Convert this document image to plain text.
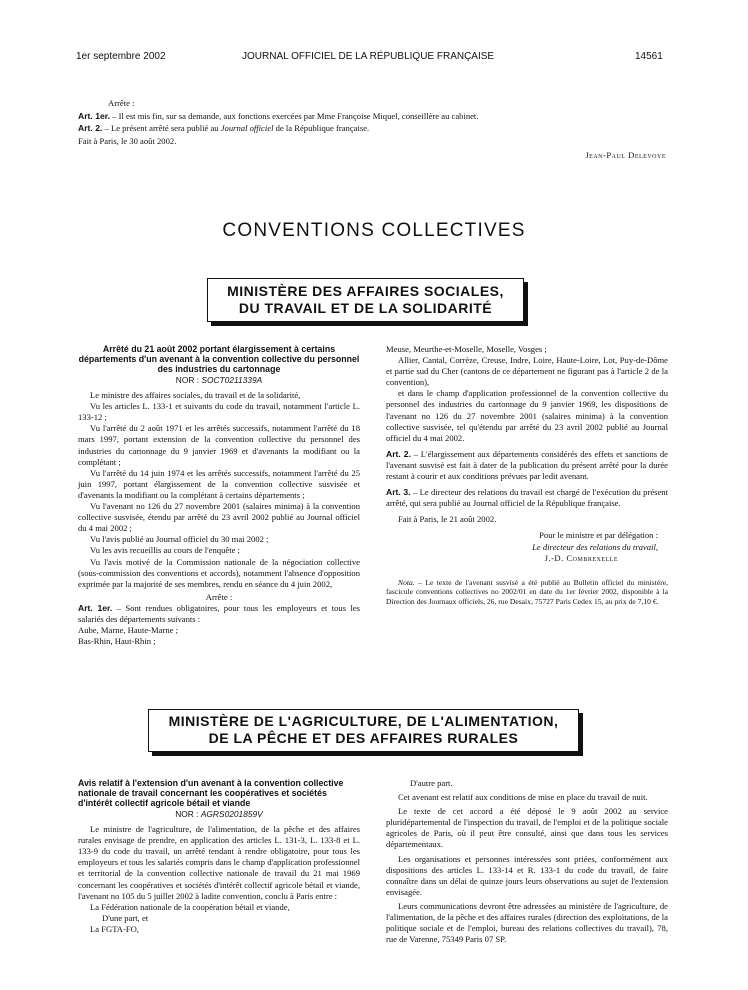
1er septembre 2002	JOURNAL OFFICIEL DE LA RÉPUBLIQUE FRANÇAISE	14561
Arrête :
Art. 1er. – Il est mis fin, sur sa demande, aux fonctions exercées par Mme Françoise Miquel, conseillère au cabinet.
Art. 2. – Le présent arrêté sera publié au Journal officiel de la République française.
Fait à Paris, le 30 août 2002.
Jean-Paul Delevoye
CONVENTIONS COLLECTIVES
MINISTÈRE DES AFFAIRES SOCIALES,
DU TRAVAIL ET DE LA SOLIDARITÉ

Arrêté du 21 août 2002 portant élargissement à certains départements d'un avenant à la convention collective du personnel des industries du cartonnage

NOR : SOCT0211339A

Le ministre des affaires sociales, du travail et de la solidarité,

Vu les articles L. 133-1 et suivants du code du travail, notamment l'article L. 133-12 ;

Vu l'arrêté du 2 août 1971 et les arrêtés successifs, notamment l'arrêté du 18 mars 1997, portant extension de la convention collective du personnel des industries du cartonnage du 9 janvier 1969 et d'avenants la modifiant ou la complétant ;

Vu l'arrêté du 14 juin 1974 et les arrêtés successifs, notamment l'arrêté du 25 juin 1997, portant élargissement de la convention collective susvisée et d'avenants la modifiant ou la complétant à certains départements ;

Vu l'avenant no 126 du 27 novembre 2001 (salaires minima) à la convention collective susvisée, étendu par arrêté du 23 avril 2002 publié au Journal officiel du 4 mai 2002 ;

Vu l'avis publié au Journal officiel du 30 mai 2002 ;

Vu les avis recueillis au cours de l'enquête ;

Vu l'avis motivé de la Commission nationale de la négociation collective (sous-commission des conventions et accords), notamment l'absence d'opposition exprimée par la majorité de ses membres, rendu en séance du 4 juin 2002,

Arrête :

Art. 1er. – Sont rendues obligatoires, pour tous les employeurs et tous les salariés des départements suivants :

Aube, Marne, Haute-Marne ;

Bas-Rhin, Haut-Rhin ;

Meuse, Meurthe-et-Moselle, Moselle, Vosges ;

Allier, Cantal, Corrèze, Creuse, Indre, Loire, Haute-Loire, Lot, Puy-de-Dôme et partie sud du Cher (cantons de ce département ne figurant pas à l'article 2 de la convention),

et dans le champ d'application professionnel de la convention collective du personnel des industries du cartonnage du 9 janvier 1969, les dispositions de l'avenant no 126 du 27 novembre 2001 (salaires minima) à la convention collective susvisée, tel qu'étendu par arrêté du 23 avril 2002 publié au Journal officiel du 4 mai 2002.

Art. 2. – L'élargissement aux départements considérés des effets et sanctions de l'avenant susvisé est fait à dater de la publication du présent arrêté pour la durée restant à courir et aux conditions prévues par ledit avenant.

Art. 3. – Le directeur des relations du travail est chargé de l'exécution du présent arrêté, qui sera publié au Journal officiel de la République française.

Fait à Paris, le 21 août 2002.

Pour le ministre et par délégation :

Le directeur des relations du travail,

J.-D. Combrexelle

Nota. – Le texte de l'avenant susvisé a été publié au Bulletin officiel du ministère, fascicule conventions collectives no 2002/01 en date du 1er février 2002, disponible à la Direction des Journaux officiels, 26, rue Desaix, 75727 Paris Cedex 15, au prix de 7,10 €.

MINISTÈRE DE L'AGRICULTURE, DE L'ALIMENTATION,
DE LA PÊCHE ET DES AFFAIRES RURALES

Avis relatif à l'extension d'un avenant à la convention collective nationale de travail concernant les coopératives et sociétés d'intérêt collectif agricole bétail et viande

NOR : AGRS0201859V

Le ministre de l'agriculture, de l'alimentation, de la pêche et des affaires rurales envisage de prendre, en application des articles L. 131-3, L. 133-8 et L. 133-9 du code du travail, un arrêté tendant à rendre obligatoire, pour tous les employeurs et tous les salariés compris dans le champ d'application professionnel et territorial de la convention collective nationale de travail du 21 mai 1969 concernant les coopératives et sociétés d'intérêt collectif agricole bétail et viande, l'avenant no 105 du 5 juillet 2002 à ladite convention, conclu à Paris entre :

La Fédération nationale de la coopération bétail et viande,

D'une part, et

La FGTA-FO,

D'autre part.

Cet avenant est relatif aux conditions de mise en place du travail de nuit.

Le texte de cet accord a été déposé le 9 août 2002 au service pluridépartemental de l'inspection du travail, de l'emploi et de la politique sociale agricoles de Paris, où il peut être consulté, ainsi que dans tous les services départementaux.

Les organisations et personnes intéressées sont priées, conformément aux dispositions des articles L. 133-14 et R. 133-1 du code du travail, de faire connaître dans un délai de quinze jours leurs observations au sujet de l'extension envisagée.

Leurs communications devront être adressées au ministère de l'agriculture, de l'alimentation, de la pêche et des affaires rurales (direction des exploitations, de la politique sociale et de l'emploi, bureau des relations collectives du travail), 78, rue de Varenne, 75349 Paris 07 SP.
